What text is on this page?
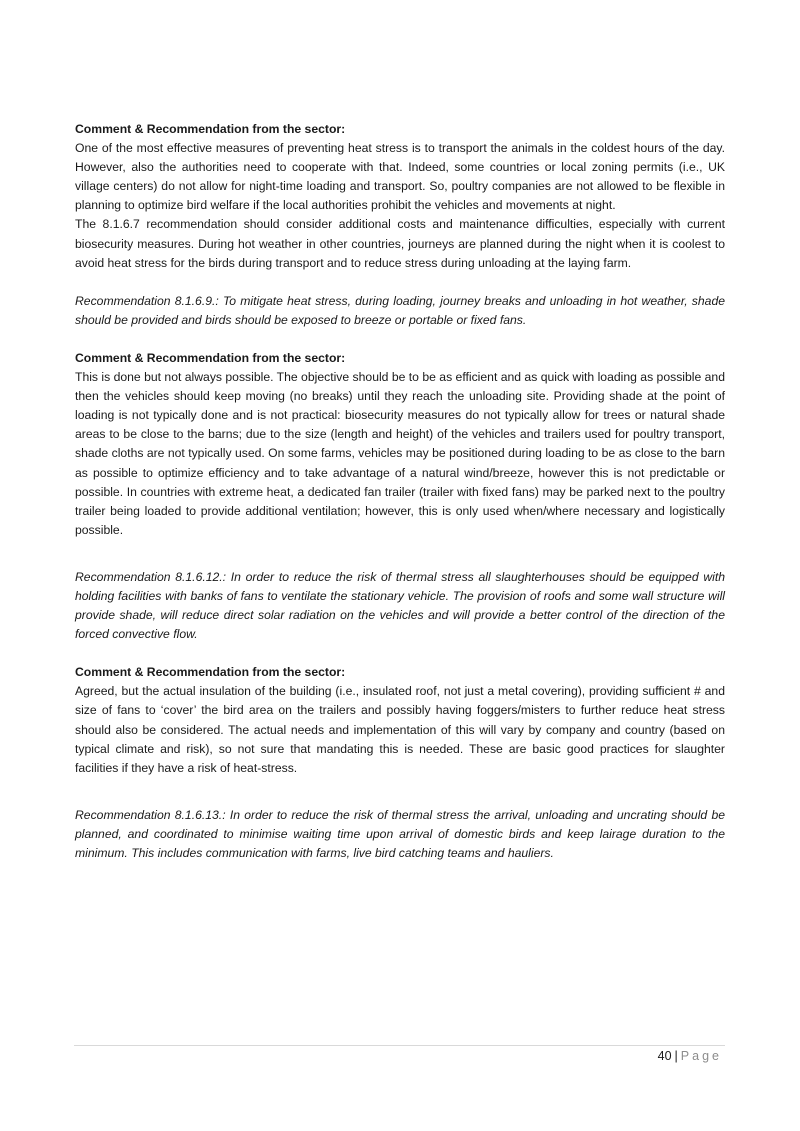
Comment & Recommendation from the sector:

One of the most effective measures of preventing heat stress is to transport the animals in the coldest hours of the day. However, also the authorities need to cooperate with that. Indeed, some countries or local zoning permits (i.e., UK village centers) do not allow for night-time loading and transport. So, poultry companies are not allowed to be flexible in planning to optimize bird welfare if the local authorities prohibit the vehicles and movements at night.

The 8.1.6.7 recommendation should consider additional costs and maintenance difficulties, especially with current biosecurity measures. During hot weather in other countries, journeys are planned during the night when it is coolest to avoid heat stress for the birds during transport and to reduce stress during unloading at the laying farm.

Recommendation 8.1.6.9.: To mitigate heat stress, during loading, journey breaks and unloading in hot weather, shade should be provided and birds should be exposed to breeze or portable or fixed fans.

Comment & Recommendation from the sector:

This is done but not always possible. The objective should be to be as efficient and as quick with loading as possible and then the vehicles should keep moving (no breaks) until they reach the unloading site. Providing shade at the point of loading is not typically done and is not practical: biosecurity measures do not typically allow for trees or natural shade areas to be close to the barns; due to the size (length and height) of the vehicles and trailers used for poultry transport, shade cloths are not typically used. On some farms, vehicles may be positioned during loading to be as close to the barn as possible to optimize efficiency and to take advantage of a natural wind/breeze, however this is not predictable or possible. In countries with extreme heat, a dedicated fan trailer (trailer with fixed fans) may be parked next to the poultry trailer being loaded to provide additional ventilation; however, this is only used when/where necessary and logistically possible.

Recommendation 8.1.6.12.: In order to reduce the risk of thermal stress all slaughterhouses should be equipped with holding facilities with banks of fans to ventilate the stationary vehicle. The provision of roofs and some wall structure will provide shade, will reduce direct solar radiation on the vehicles and will provide a better control of the direction of the forced convective flow.

Comment & Recommendation from the sector:

Agreed, but the actual insulation of the building (i.e., insulated roof, not just a metal covering), providing sufficient # and size of fans to ‘cover’ the bird area on the trailers and possibly having foggers/misters to further reduce heat stress should also be considered. The actual needs and implementation of this will vary by company and country (based on typical climate and risk), so not sure that mandating this is needed. These are basic good practices for slaughter facilities if they have a risk of heat-stress.

Recommendation 8.1.6.13.: In order to reduce the risk of thermal stress the arrival, unloading and uncrating should be planned, and coordinated to minimise waiting time upon arrival of domestic birds and keep lairage duration to the minimum. This includes communication with farms, live bird catching teams and hauliers.

40 | Page
